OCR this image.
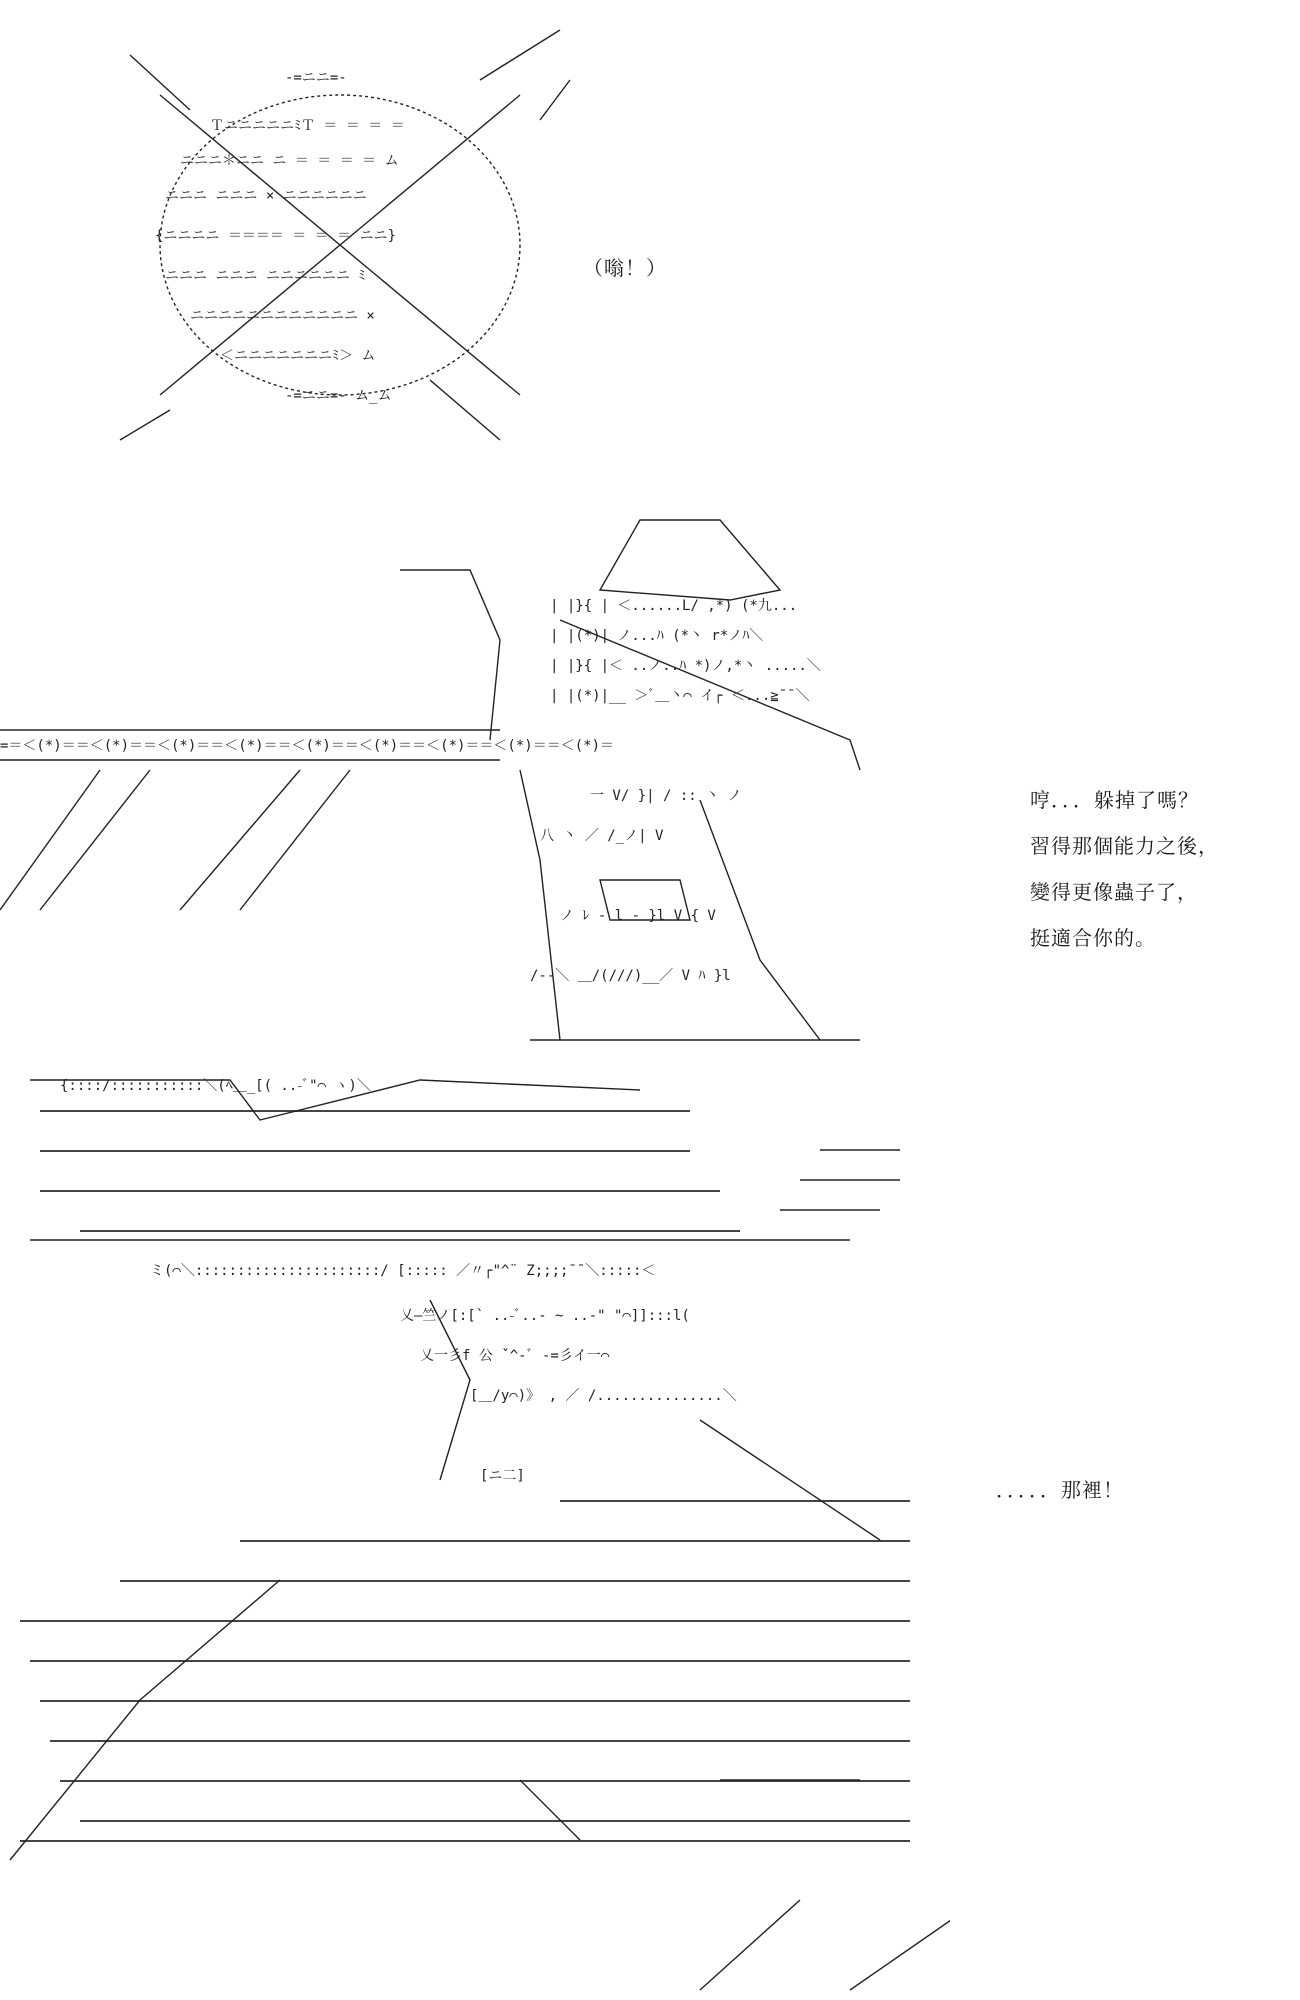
-=ニニ=-
ＴニニニニニﾐＴ ＝ ＝ ＝ ＝
ニニニ＊ニニ ニ ＝ ＝ ＝ ＝ ム
ニニニ ニニニ × ニニニニニニ
{ニニニニ ＝＝＝＝ ＝ ＝ ＝ ニニ}
ニニニ ニニニ ニニニニニニ ﾐ
ニニニニニニニニニニニニ ×
＜ニニニニニニニﾐ＞ ム
-=ニニ=- ム_ム
（嗡！）
=＝＜(*)＝＝＜(*)＝＝＜(*)＝＝＜(*)＝＝＜(*)＝＝＜(*)＝＝＜(*)＝＝＜(*)＝＝＜(*)＝
| |}{ | ＜......L/ ,*) (*九...
| |(*)| ノ...ﾊ (*丶 r*ノﾊ＼
| |}{ |＜ ..ノ..ﾊ *)ノ,*丶 .....＼
| |(*)|__ ＞ﾞ＿丶⌒ イ┌ ＜...≧¯¯＼
一 V/ }| / :: 丶 ノ
八 丶 ／ /_ノ| V
ノ ﾚ - l - }l V { V
/--＼ ＿/(///)__／ V ﾊ }l

哼．．．躲掉了嗎？

習得那個能力之後，

變得更像蟲子了，

挺適合你的。

{::::/:::::::::::＼(ﾍ＿_[( ..-ﾞ"⌒ ヽ)＼
ミ(⌒＼::::::::::::::::::::::/ [::::: ／〃┌"^¨ Z;;;;¯¯＼:::::＜
乂―竺ノ[:[` ..-ﾞ..- ~ ..-" "⌒]]:::l(
乂一彡f 公 ˇ^-ﾞ -=彡イ一⌒
[＿/y⌒)》 ‚ ／ /...............＼
[ニ二]
．．．．．那裡！
